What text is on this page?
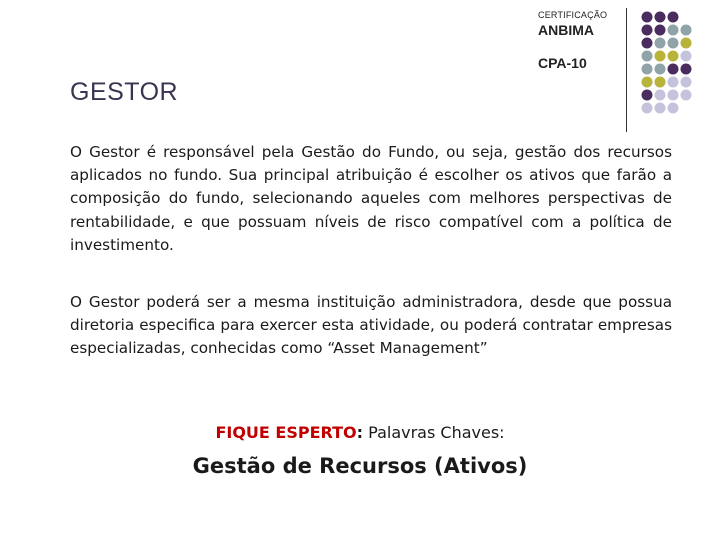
CERTIFICAÇÃO
ANBIMA
CPA-10
GESTOR
O Gestor é responsável pela Gestão do Fundo, ou seja, gestão dos recursos aplicados no fundo. Sua principal atribuição é escolher os ativos que farão a composição do fundo, selecionando aqueles com melhores perspectivas de rentabilidade, e que possuam níveis de risco compatível com a política de investimento.
O Gestor poderá ser a mesma instituição administradora, desde que possua diretoria especifica para exercer esta atividade, ou poderá contratar empresas especializadas, conhecidas como “Asset Management”
FIQUE ESPERTO: Palavras Chaves:
Gestão de Recursos (Ativos)
